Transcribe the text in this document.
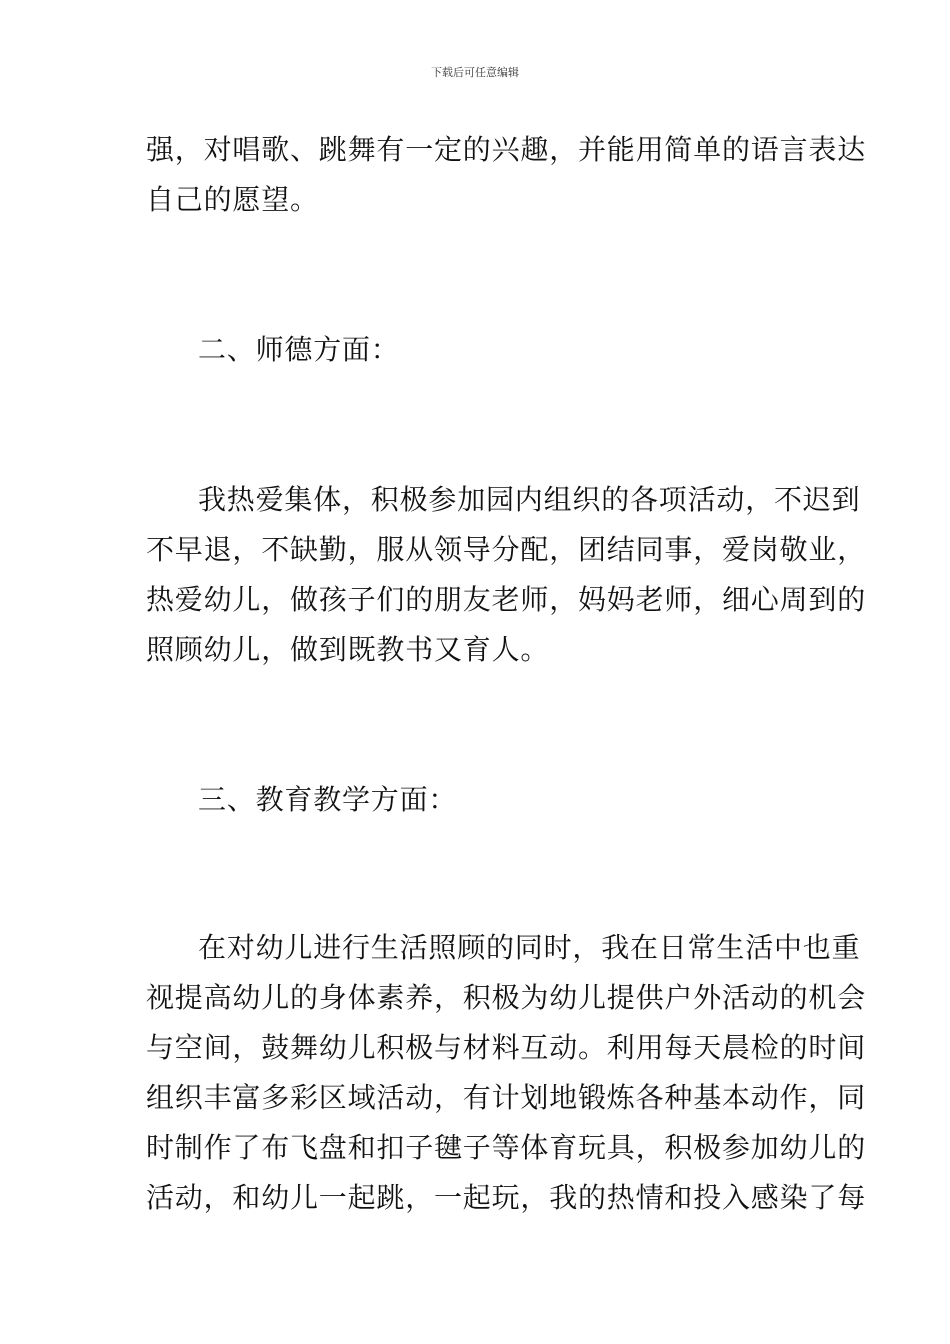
下载后可任意编辑
强，对唱歌、跳舞有一定的兴趣，并能用简单的语言表达
自己的愿望。
二、师德方面：
我热爱集体，积极参加园内组织的各项活动，不迟到
不早退，不缺勤，服从领导分配，团结同事，爱岗敬业，
热爱幼儿，做孩子们的朋友老师，妈妈老师，细心周到的
照顾幼儿，做到既教书又育人。
三、教育教学方面：
在对幼儿进行生活照顾的同时，我在日常生活中也重
视提高幼儿的身体素养，积极为幼儿提供户外活动的机会
与空间，鼓舞幼儿积极与材料互动。利用每天晨检的时间
组织丰富多彩区域活动，有计划地锻炼各种基本动作，同
时制作了布飞盘和扣子毽子等体育玩具，积极参加幼儿的
活动，和幼儿一起跳，一起玩，我的热情和投入感染了每
